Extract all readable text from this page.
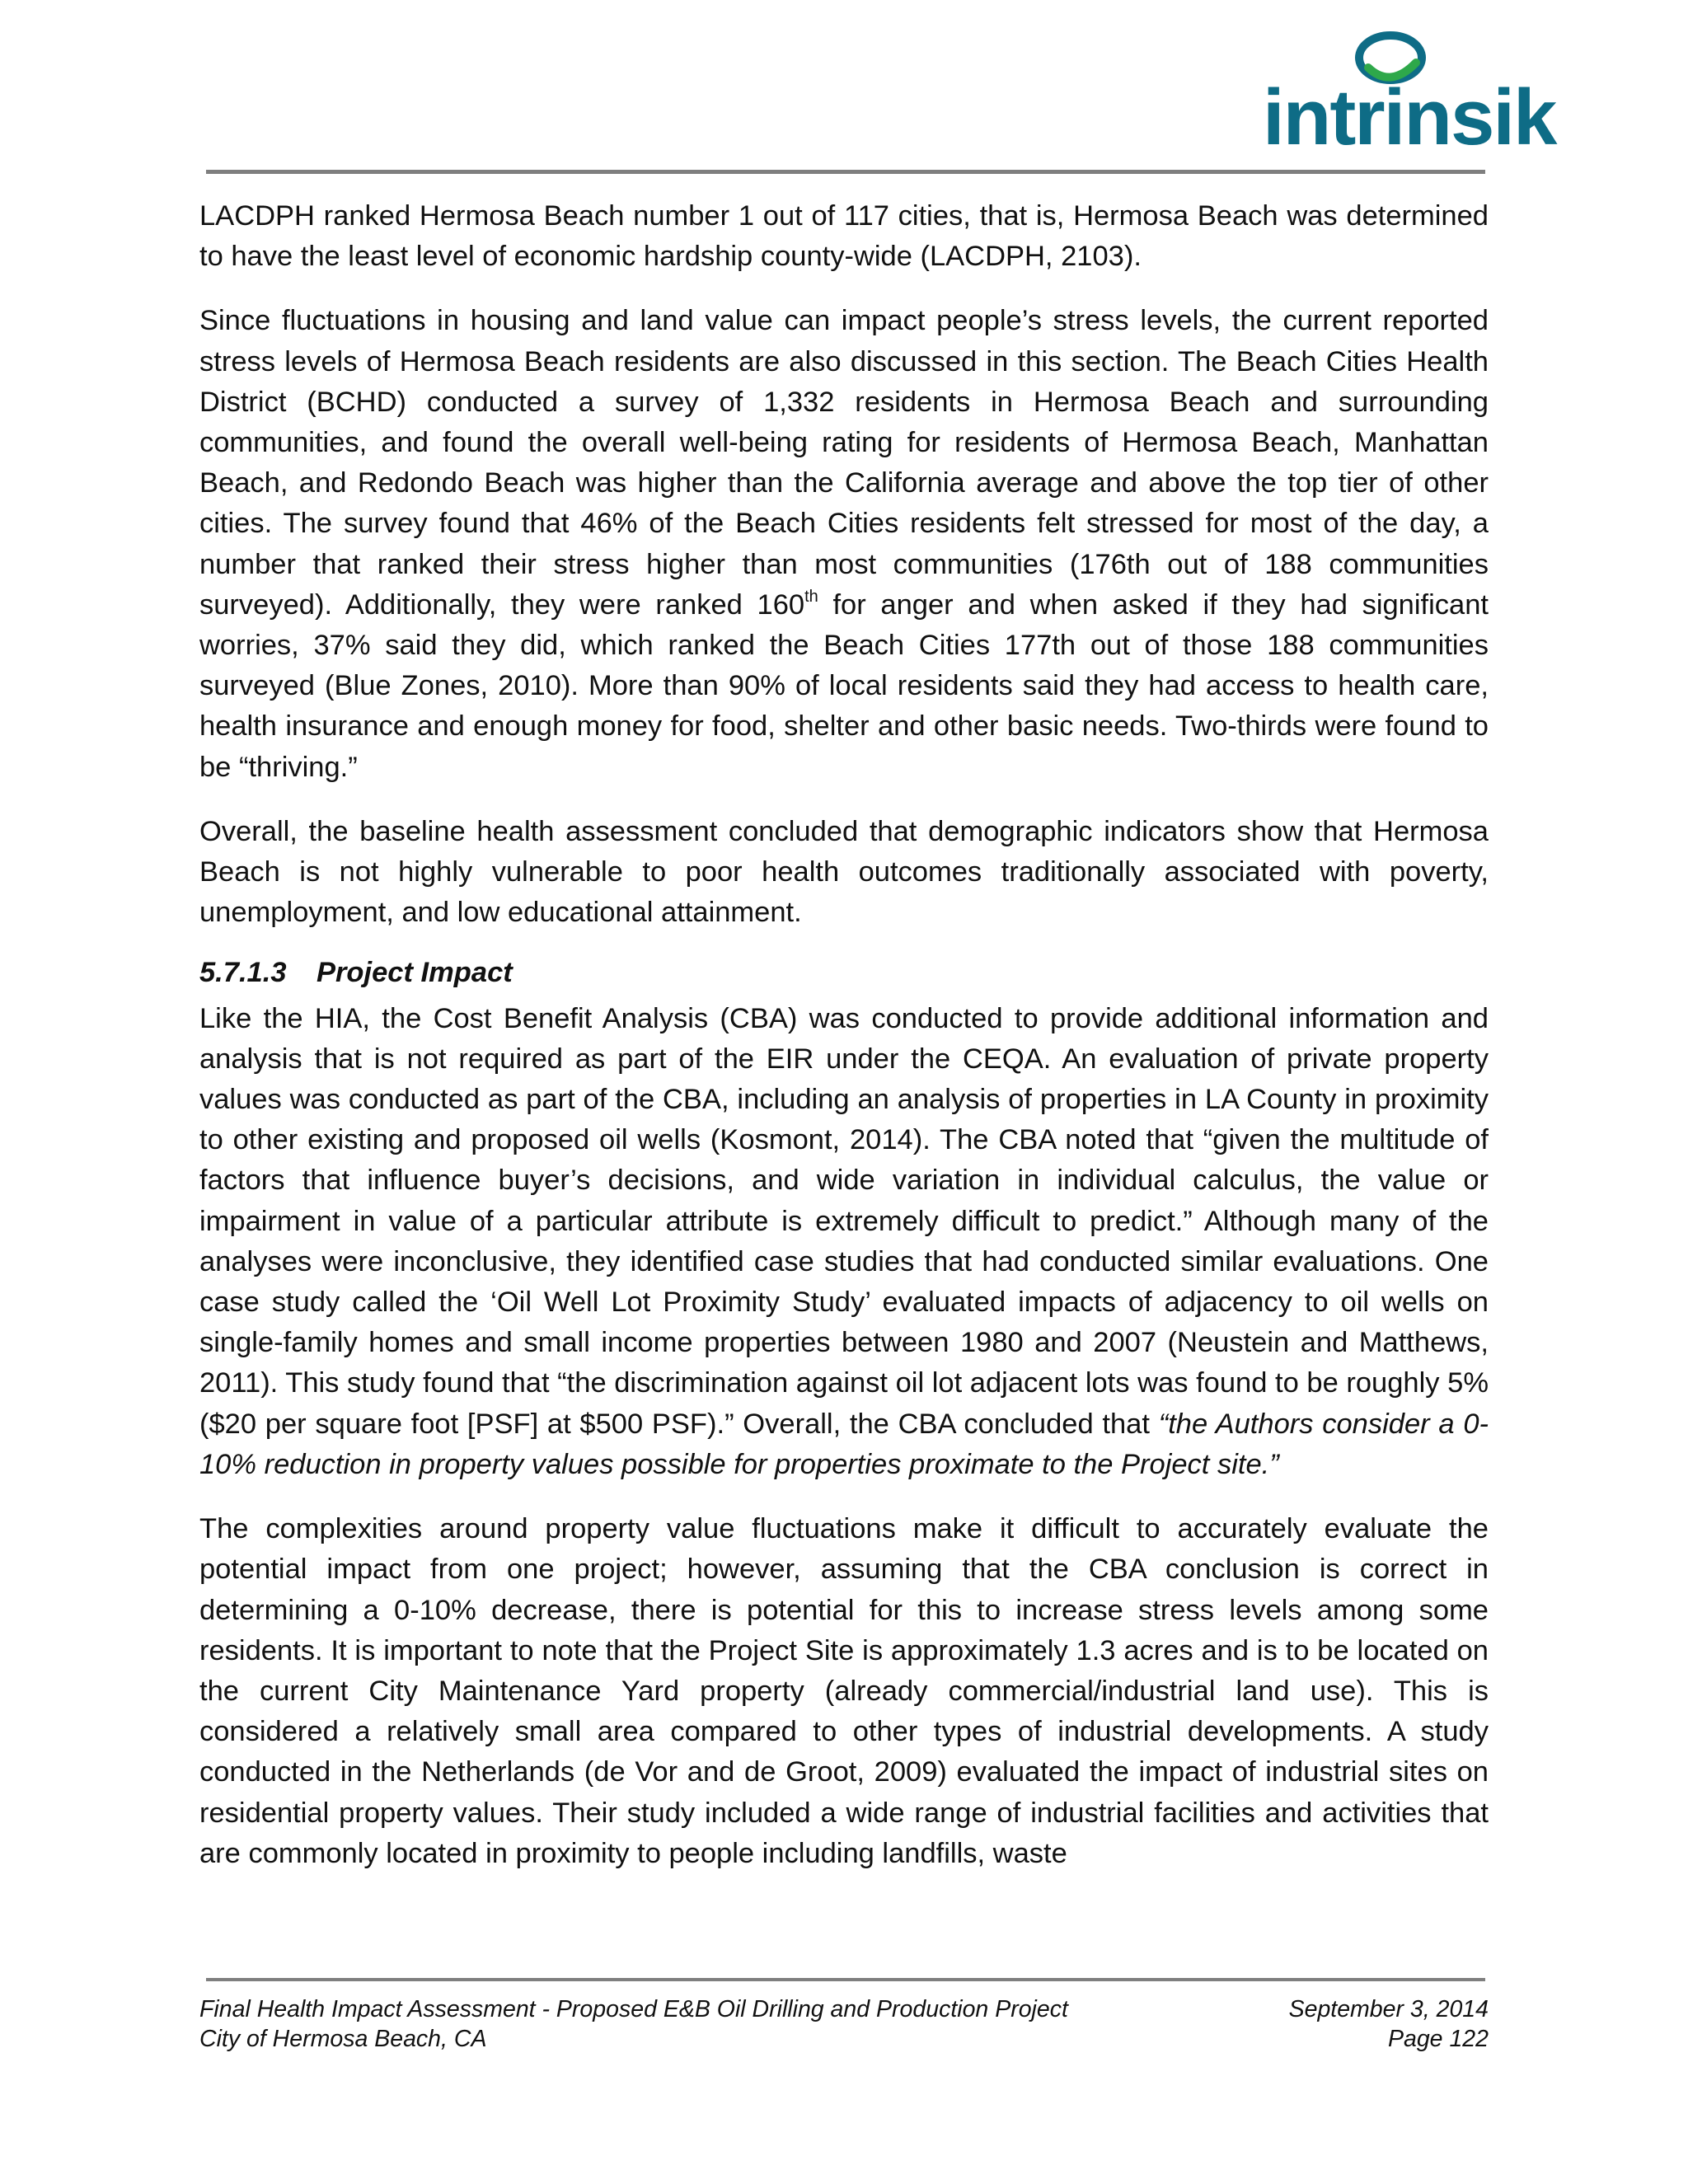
intrinsik

LACDPH ranked Hermosa Beach number 1 out of 117 cities, that is, Hermosa Beach was determined to have the least level of economic hardship county-wide (LACDPH, 2103).

Since fluctuations in housing and land value can impact people’s stress levels, the current reported stress levels of Hermosa Beach residents are also discussed in this section. The Beach Cities Health District (BCHD) conducted a survey of 1,332 residents in Hermosa Beach and surrounding communities, and found the overall well-being rating for residents of Hermosa Beach, Manhattan Beach, and Redondo Beach was higher than the California average and above the top tier of other cities. The survey found that 46% of the Beach Cities residents felt stressed for most of the day, a number that ranked their stress higher than most communities (176th out of 188 communities surveyed). Additionally, they were ranked 160th for anger and when asked if they had significant worries, 37% said they did, which ranked the Beach Cities 177th out of those 188 communities surveyed (Blue Zones, 2010). More than 90% of local residents said they had access to health care, health insurance and enough money for food, shelter and other basic needs. Two-thirds were found to be “thriving.”

Overall, the baseline health assessment concluded that demographic indicators show that Hermosa Beach is not highly vulnerable to poor health outcomes traditionally associated with poverty, unemployment, and low educational attainment.

5.7.1.3 Project Impact

Like the HIA, the Cost Benefit Analysis (CBA) was conducted to provide additional information and analysis that is not required as part of the EIR under the CEQA. An evaluation of private property values was conducted as part of the CBA, including an analysis of properties in LA County in proximity to other existing and proposed oil wells (Kosmont, 2014). The CBA noted that “given the multitude of factors that influence buyer’s decisions, and wide variation in individual calculus, the value or impairment in value of a particular attribute is extremely difficult to predict.” Although many of the analyses were inconclusive, they identified case studies that had conducted similar evaluations. One case study called the ‘Oil Well Lot Proximity Study’ evaluated impacts of adjacency to oil wells on single-family homes and small income properties between 1980 and 2007 (Neustein and Matthews, 2011). This study found that “the discrimination against oil lot adjacent lots was found to be roughly 5% ($20 per square foot [PSF] at $500 PSF).” Overall, the CBA concluded that “the Authors consider a 0-10% reduction in property values possible for properties proximate to the Project site.”

The complexities around property value fluctuations make it difficult to accurately evaluate the potential impact from one project; however, assuming that the CBA conclusion is correct in determining a 0-10% decrease, there is potential for this to increase stress levels among some residents. It is important to note that the Project Site is approximately 1.3 acres and is to be located on the current City Maintenance Yard property (already commercial/industrial land use). This is considered a relatively small area compared to other types of industrial developments. A study conducted in the Netherlands (de Vor and de Groot, 2009) evaluated the impact of industrial sites on residential property values. Their study included a wide range of industrial facilities and activities that are commonly located in proximity to people including landfills, waste

Final Health Impact Assessment - Proposed E&B Oil Drilling and Production Project	September 3, 2014
City of Hermosa Beach, CA	Page 122
